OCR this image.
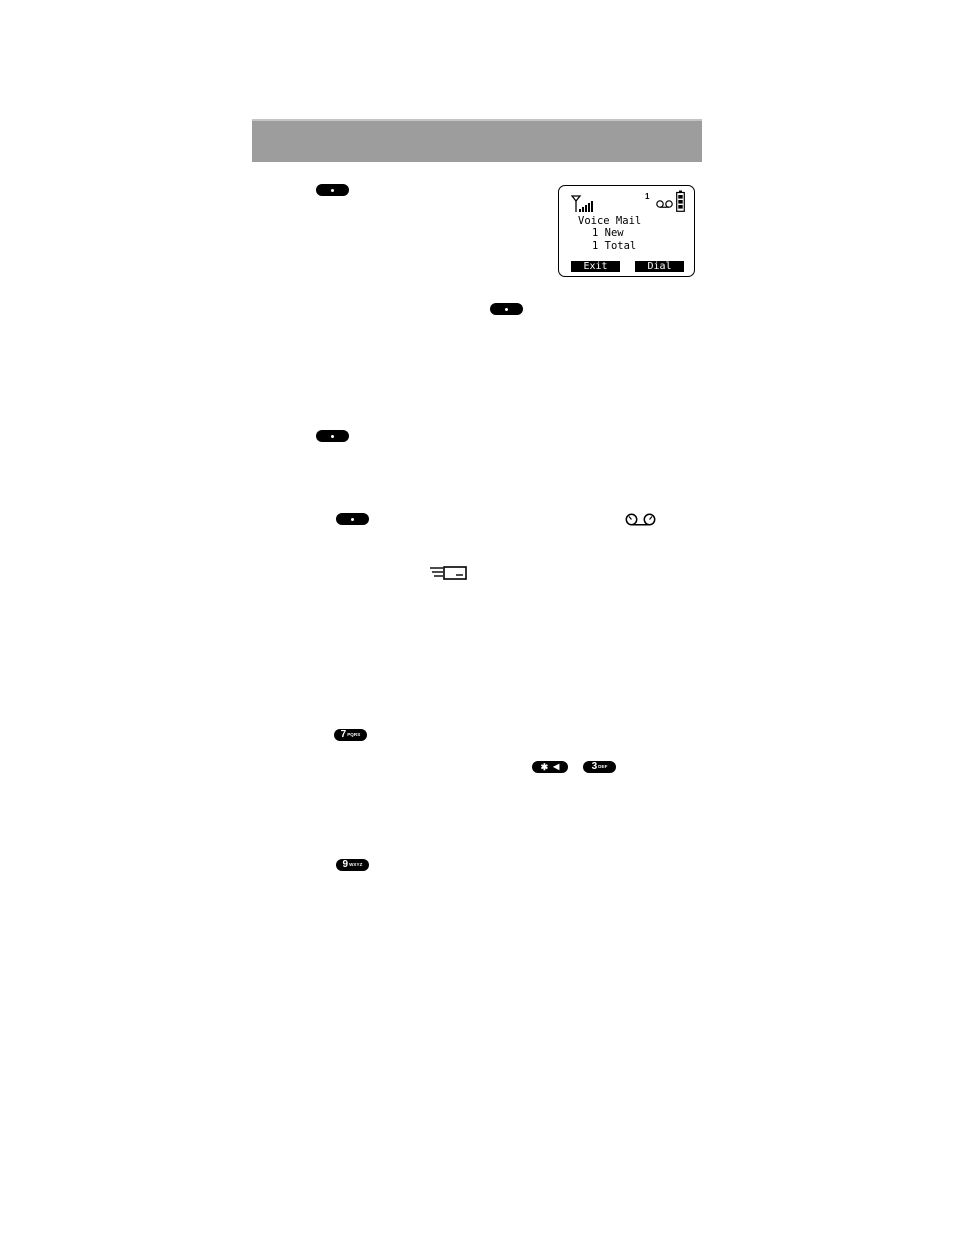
1
Voice Mail
1 New
1 Total
Exit	Dial
7 PQRS
✱ ◀	3 DEF
9 WXYZ
